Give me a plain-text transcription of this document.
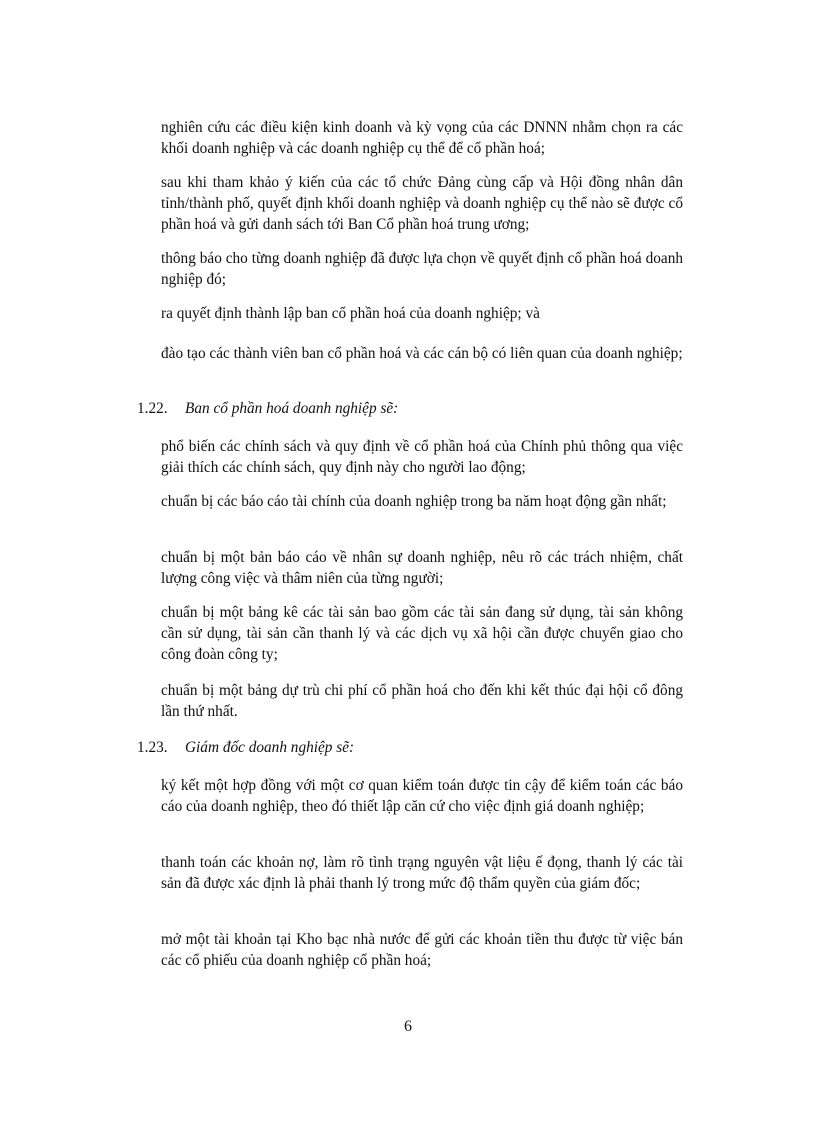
nghiên cứu các điều kiện kinh doanh và kỳ vọng của các DNNN nhằm chọn ra các khối doanh nghiệp và các doanh nghiệp cụ thể để cổ phần hoá;

sau khi tham khảo ý kiến của các tổ chức Đảng cùng cấp và Hội đồng nhân dân tỉnh/thành phố, quyết định khối doanh nghiệp và doanh nghiệp cụ thể nào sẽ được cổ phần hoá và gửi danh sách tới Ban Cổ phần hoá trung ương;

thông báo cho từng doanh nghiệp đã được lựa chọn về quyết định cổ phần hoá doanh nghiệp đó;

ra quyết định thành lập ban cổ phần hoá của doanh nghiệp; và

đào tạo các thành viên ban cổ phần hoá và các cán bộ có liên quan của doanh nghiệp;

1.22. Ban cổ phần hoá doanh nghiệp sẽ:

phổ biến các chính sách và quy định về cổ phần hoá của Chính phủ thông qua việc giải thích các chính sách, quy định này cho người lao động;

chuẩn bị các báo cáo tài chính của doanh nghiệp trong ba năm hoạt động gần nhất;

chuẩn bị một bản báo cáo về nhân sự doanh nghiệp, nêu rõ các trách nhiệm, chất lượng công việc và thâm niên của từng người;

chuẩn bị một bảng kê các tài sản bao gồm các tài sản đang sử dụng, tài sản không cần sử dụng, tài sản cần thanh lý và các dịch vụ xã hội cần được chuyển giao cho công đoàn công ty;

chuẩn bị một bảng dự trù chi phí cổ phần hoá cho đến khi kết thúc đại hội cổ đông lần thứ nhất.

1.23. Giám đốc doanh nghiệp sẽ:

ký kết một hợp đồng với một cơ quan kiểm toán được tin cậy để kiểm toán các báo cáo của doanh nghiệp, theo đó thiết lập căn cứ cho việc định giá doanh nghiệp;

thanh toán các khoản nợ, làm rõ tình trạng nguyên vật liệu ế đọng, thanh lý các tài sản đã được xác định là phải thanh lý trong mức độ thẩm quyền của giám đốc;

mở một tài khoản tại Kho bạc nhà nước để gửi các khoản tiền thu được từ việc bán các cổ phiếu của doanh nghiệp cổ phần hoá;

6
